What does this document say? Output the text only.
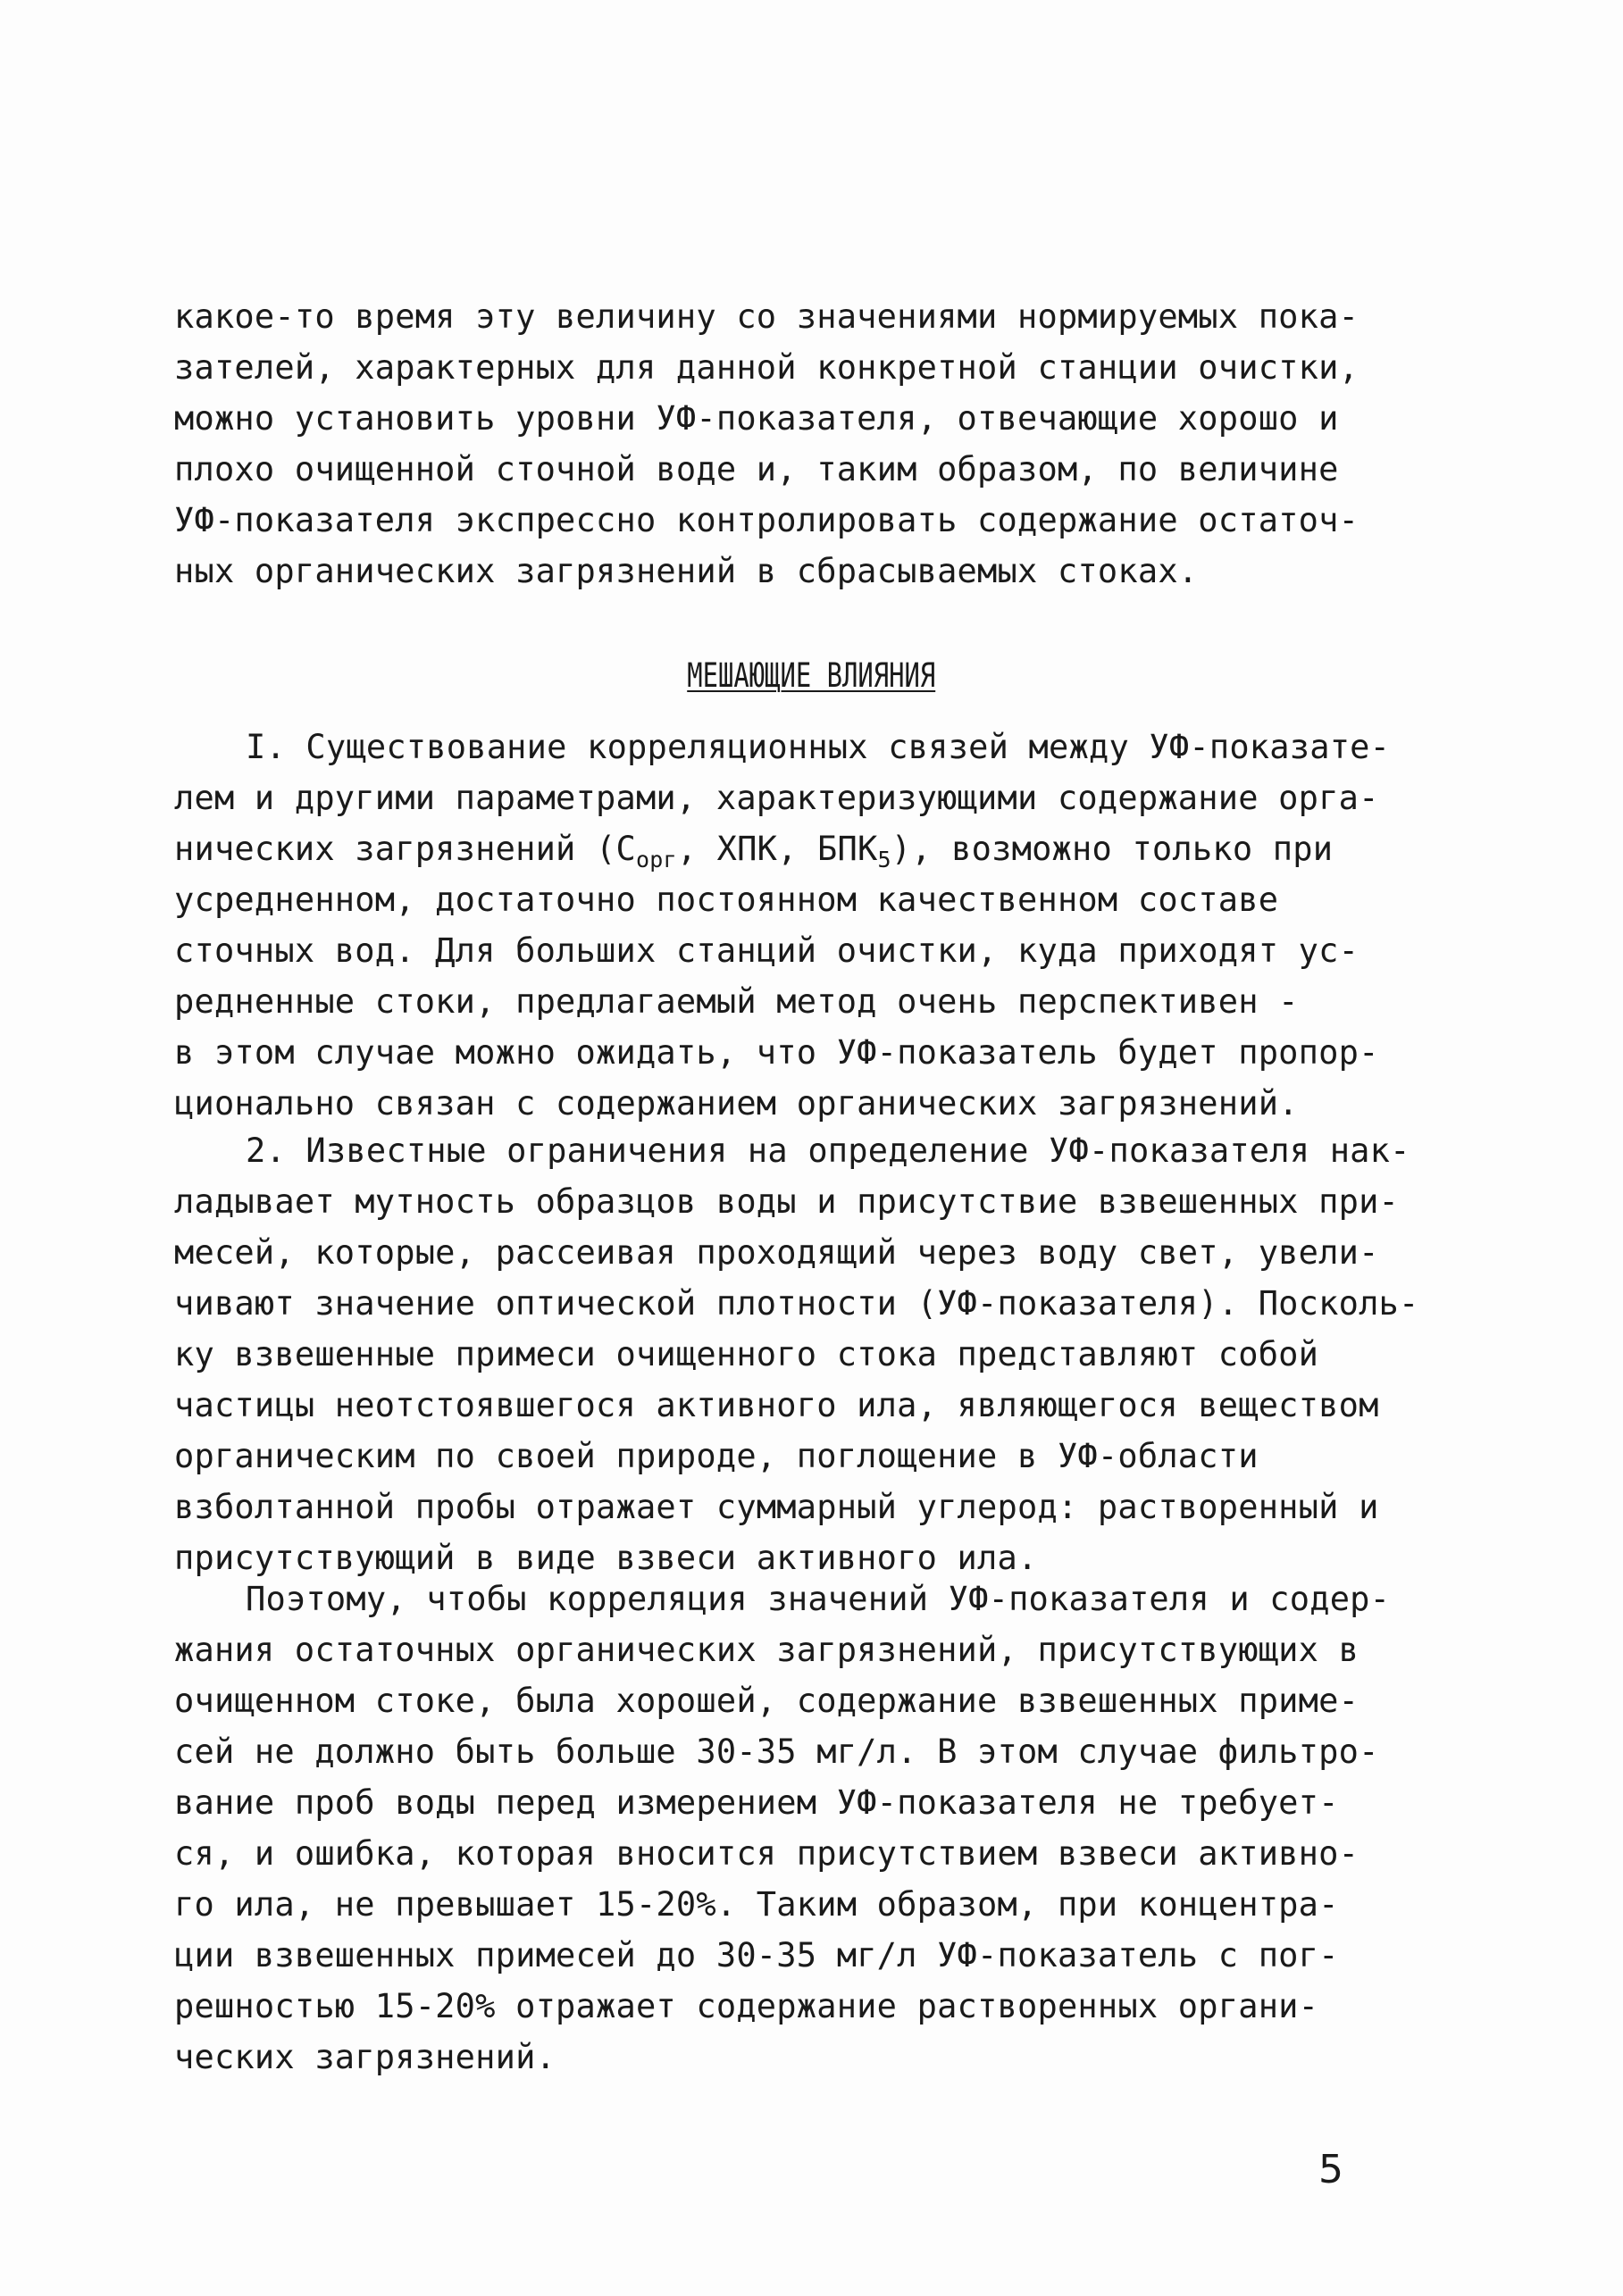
какое-то время эту величину со значениями нормируемых пока-
зателей, характерных для данной конкретной станции очистки,
можно установить уровни УФ-показателя, отвечающие хорошо и
плохо очищенной сточной воде и, таким образом, по величине
УФ-показателя экспрессно контролировать содержание остаточ-
ных органических загрязнений в сбрасываемых стоках.
МЕШАЮЩИЕ ВЛИЯНИЯ
I. Существование корреляционных связей между УФ-показате-
лем и другими параметрами, характеризующими содержание орга-
нических загрязнений ($С_{орг}$, ХПК, $БПК_5$), возможно только при
усредненном, достаточно постоянном качественном составе
сточных вод. Для больших станций очистки, куда приходят ус-
редненные стоки, предлагаемый метод очень перспективен -
в этом случае можно ожидать, что УФ-показатель будет пропор-
ционально связан с содержанием органических загрязнений.
2. Известные ограничения на определение УФ-показателя нак-
ладывает мутность образцов воды и присутствие взвешенных при-
месей, которые, рассеивая проходящий через воду свет, увели-
чивают значение оптической плотности (УФ-показателя). Посколь-
ку взвешенные примеси очищенного стока представляют собой
частицы неотстоявшегося активного ила, являющегося веществом
органическим по своей природе, поглощение в УФ-области
взболтанной пробы отражает суммарный углерод: растворенный и
присутствующий в виде взвеси активного ила.
Поэтому, чтобы корреляция значений УФ-показателя и содер-
жания остаточных органических загрязнений, присутствующих в
очищенном стоке, была хорошей, содержание взвешенных приме-
сей не должно быть больше 30-35 мг/л. В этом случае фильтро-
вание проб воды перед измерением УФ-показателя не требует-
ся, и ошибка, которая вносится присутствием взвеси активно-
го ила, не превышает 15-20%. Таким образом, при концентра-
ции взвешенных примесей до 30-35 мг/л УФ-показатель с пог-
решностью 15-20% отражает содержание растворенных органи-
ческих загрязнений.
5
